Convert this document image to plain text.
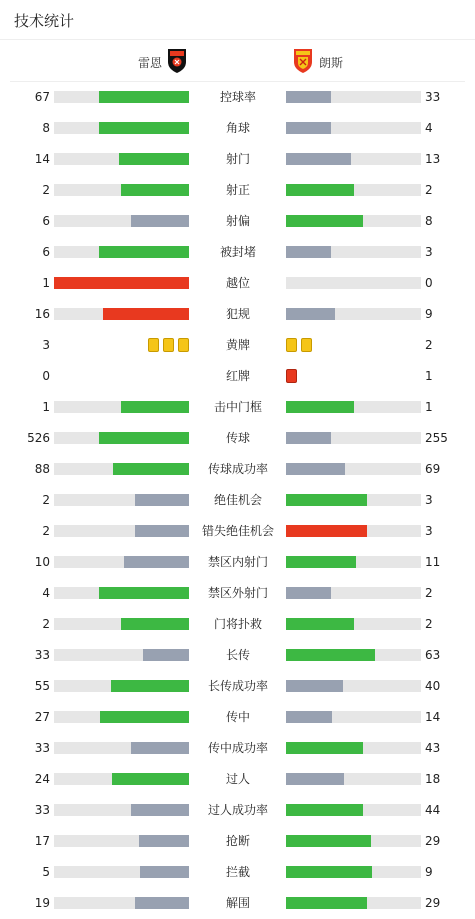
技术统计
雷恩	朗斯
67	控球率	33
8	角球	4
14	射门	13
2	射正	2
6	射偏	8
6	被封堵	3
1	越位	0
16	犯规	9
3	黄牌	2
0	红牌	1
1	击中门框	1
526	传球	255
88	传球成功率	69
2	绝佳机会	3
2	错失绝佳机会	3
10	禁区内射门	11
4	禁区外射门	2
2	门将扑救	2
33	长传	63
55	长传成功率	40
27	传中	14
33	传中成功率	43
24	过人	18
33	过人成功率	44
17	抢断	29
5	拦截	9
19	解围	29
